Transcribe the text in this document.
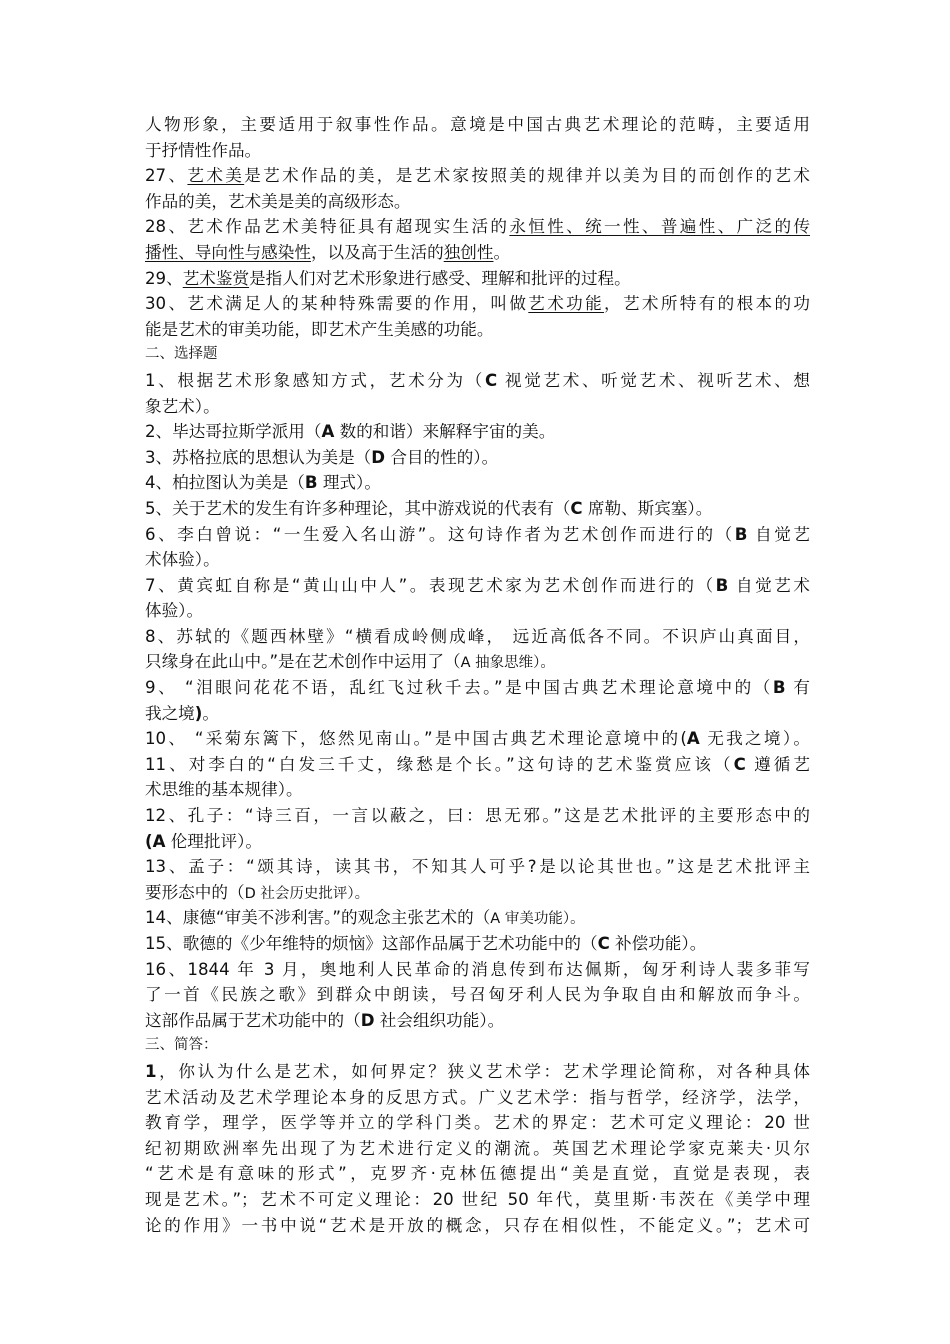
人物形象，主要适用于叙事性作品。意境是中国古典艺术理论的范畴，主要适用
于抒情性作品。
27、艺术美是艺术作品的美，是艺术家按照美的规律并以美为目的而创作的艺术
作品的美，艺术美是美的高级形态。
28、艺术作品艺术美特征具有超现实生活的永恒性、统一性、普遍性、广泛的传
播性、导向性与感染性，以及高于生活的独创性。
29、艺术鉴赏是指人们对艺术形象进行感受、理解和批评的过程。
30、艺术满足人的某种特殊需要的作用，叫做艺术功能，艺术所特有的根本的功
能是艺术的审美功能，即艺术产生美感的功能。
二、选择题
1、根据艺术形象感知方式，艺术分为（C 视觉艺术、听觉艺术、视听艺术、想
象艺术）。
2、毕达哥拉斯学派用（A 数的和谐）来解释宇宙的美。
3、苏格拉底的思想认为美是（D 合目的性的）。
4、柏拉图认为美是（B 理式）。
5、关于艺术的发生有许多种理论，其中游戏说的代表有（C 席勒、斯宾塞）。
6、李白曾说：“一生爱入名山游”。这句诗作者为艺术创作而进行的（B 自觉艺
术体验）。
7、黄宾虹自称是“黄山山中人”。表现艺术家为艺术创作而进行的（B 自觉艺术
体验）。
8、苏轼的《题西林壁》“横看成岭侧成峰， 远近高低各不同。不识庐山真面目，
只缘身在此山中。”是在艺术创作中运用了（A 抽象思维）。
9、 “泪眼问花花不语，乱红飞过秋千去。”是中国古典艺术理论意境中的（B 有
我之境)。
10、 “采菊东篱下，悠然见南山。”是中国古典艺术理论意境中的(A 无我之境）。
11、对李白的“白发三千丈，缘愁是个长。”这句诗的艺术鉴赏应该（C 遵循艺
术思维的基本规律）。
12、孔子：“诗三百，一言以蔽之，曰：思无邪。”这是艺术批评的主要形态中的
(A 伦理批评）。
13、孟子：“颂其诗，读其书，不知其人可乎?是以论其世也。”这是艺术批评主
要形态中的（D 社会历史批评）。
14、康德“审美不涉利害。”的观念主张艺术的（A 审美功能）。
15、歌德的《少年维特的烦恼》这部作品属于艺术功能中的（C 补偿功能）。
16、1844 年 3 月，奥地利人民革命的消息传到布达佩斯，匈牙利诗人裴多菲写
了一首《民族之歌》到群众中朗读，号召匈牙利人民为争取自由和解放而争斗。
这部作品属于艺术功能中的（D 社会组织功能）。
三、简答：
1，你认为什么是艺术，如何界定？狭义艺术学：艺术学理论简称，对各种具体
艺术活动及艺术学理论本身的反思方式。广义艺术学：指与哲学，经济学，法学，
教育学，理学，医学等并立的学科门类。艺术的界定：艺术可定义理论：20 世
纪初期欧洲率先出现了为艺术进行定义的潮流。英国艺术理论学家克莱夫·贝尔
“艺术是有意味的形式”，克罗齐·克林伍德提出“美是直觉，直觉是表现，表
现是艺术。”；艺术不可定义理论：20 世纪 50 年代，莫里斯·韦茨在《美学中理
论的作用》一书中说“艺术是开放的概念，只存在相似性，不能定义。”；艺术可
